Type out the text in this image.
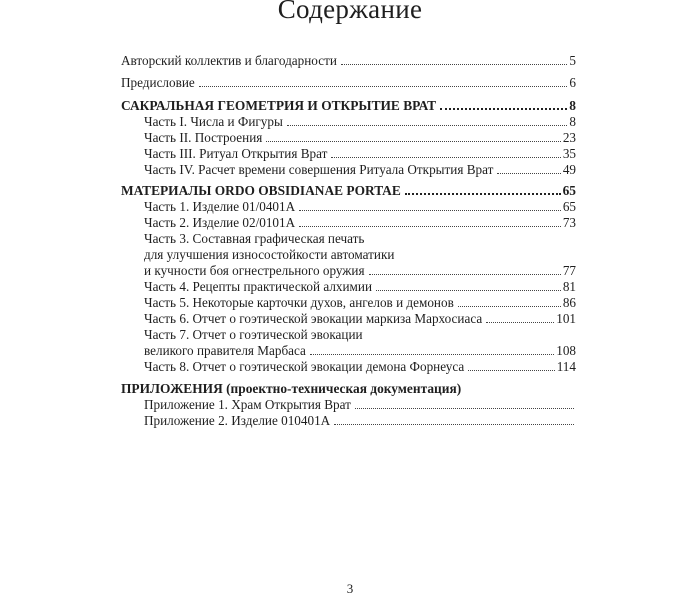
Содержание
Авторский коллектив и благодарности	5
Предисловие	6
САКРАЛЬНАЯ ГЕОМЕТРИЯ И ОТКРЫТИЕ ВРАТ	8
Часть I. Числа и Фигуры	8
Часть II. Построения	23
Часть III. Ритуал Открытия Врат	35
Часть IV. Расчет времени совершения Ритуала Открытия Врат	49
МАТЕРИАЛЫ ORDO OBSIDIANAE PORTAE	65
Часть 1. Изделие 01/0401А	65
Часть 2. Изделие 02/0101А	73
Часть 3. Составная графическая печать
для улучшения износостойкости автоматики
и кучности боя огнестрельного оружия	77
Часть 4. Рецепты практической алхимии	81
Часть 5. Некоторые карточки духов, ангелов и демонов	86
Часть 6. Отчет о гоэтической эвокации маркиза Мархосиаса	101
Часть 7. Отчет о гоэтической эвокации
великого правителя Марбаса	108
Часть 8. Отчет о гоэтической эвокации демона Форнеуса	114
ПРИЛОЖЕНИЯ (проектно-техническая документация)
Приложение 1. Храм Открытия Врат
Приложение 2. Изделие 010401А
3
